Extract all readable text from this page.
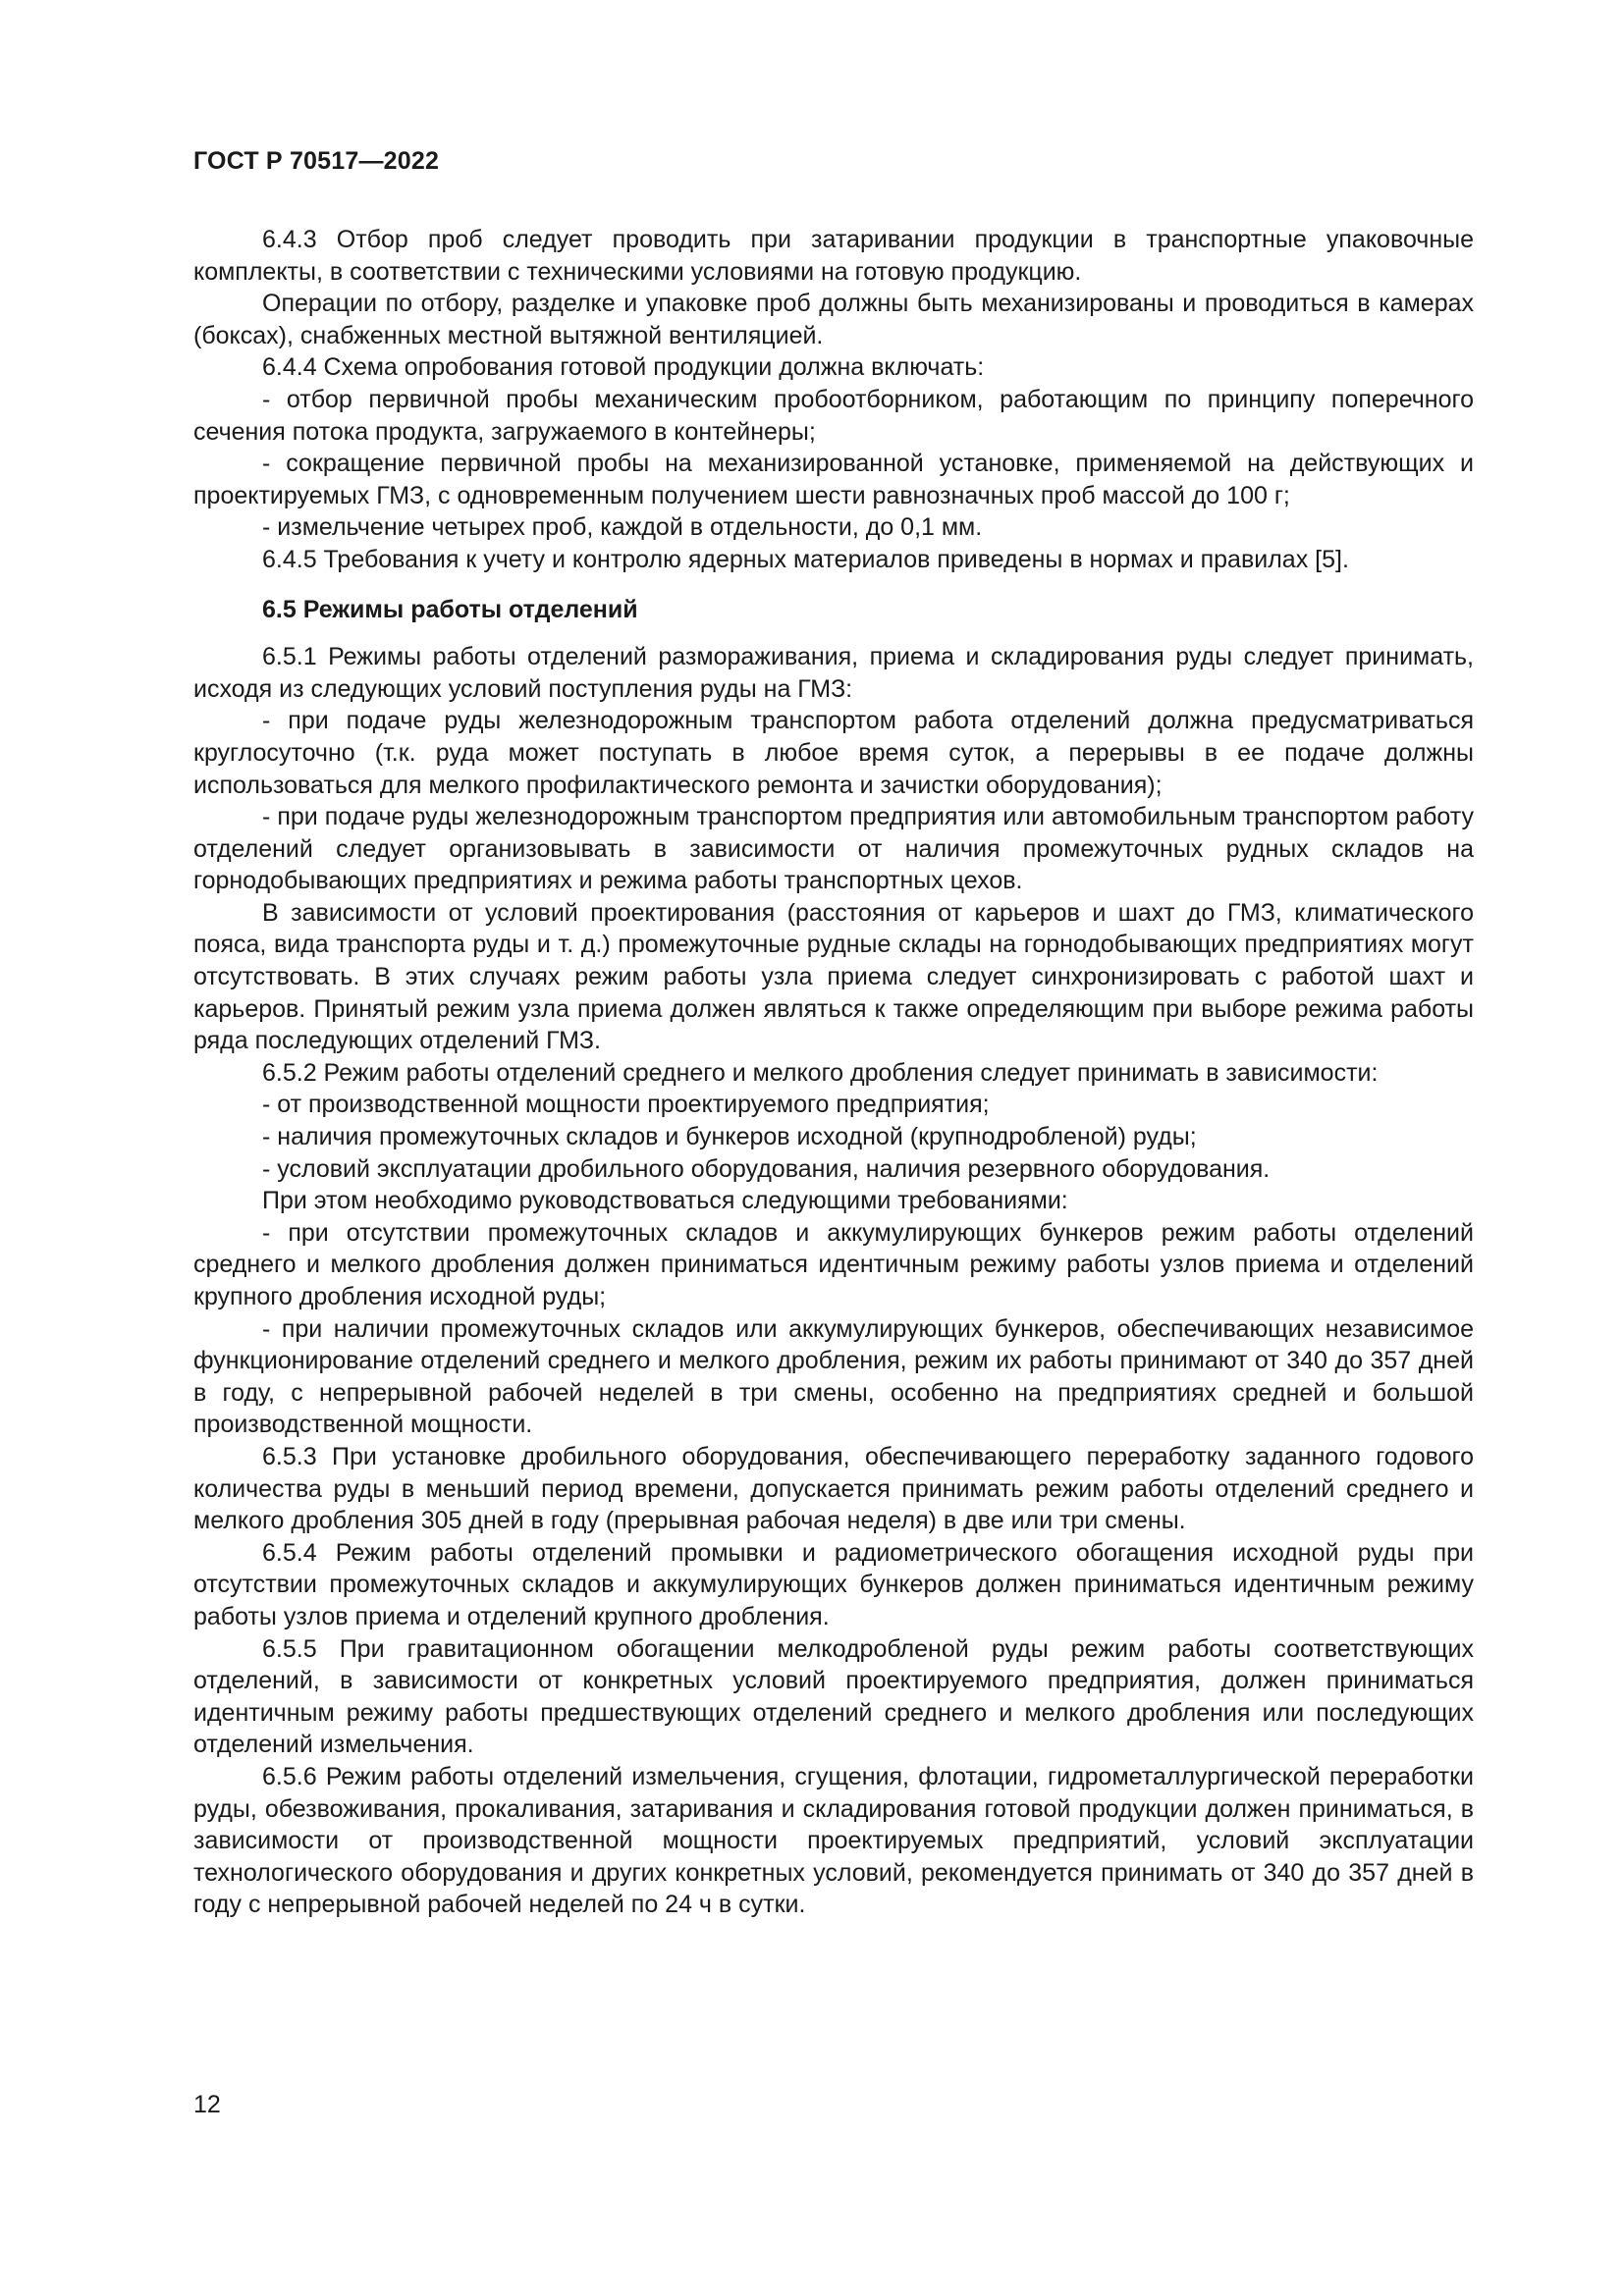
ГОСТ Р 70517—2022

6.4.3 Отбор проб следует проводить при затаривании продукции в транспортные упаковочные комплекты, в соответствии с техническими условиями на готовую продукцию.

Операции по отбору, разделке и упаковке проб должны быть механизированы и проводиться в камерах (боксах), снабженных местной вытяжной вентиляцией.

6.4.4 Схема опробования готовой продукции должна включать:

- отбор первичной пробы механическим пробоотборником, работающим по принципу поперечного сечения потока продукта, загружаемого в контейнеры;

- сокращение первичной пробы на механизированной установке, применяемой на действующих и проектируемых ГМЗ, с одновременным получением шести равнозначных проб массой до 100 г;

- измельчение четырех проб, каждой в отдельности, до 0,1 мм.

6.4.5 Требования к учету и контролю ядерных материалов приведены в нормах и правилах [5].

6.5 Режимы работы отделений

6.5.1 Режимы работы отделений размораживания, приема и складирования руды следует принимать, исходя из следующих условий поступления руды на ГМЗ:

- при подаче руды железнодорожным транспортом работа отделений должна предусматриваться круглосуточно (т.к. руда может поступать в любое время суток, а перерывы в ее подаче должны использоваться для мелкого профилактического ремонта и зачистки оборудования);

- при подаче руды железнодорожным транспортом предприятия или автомобильным транспортом работу отделений следует организовывать в зависимости от наличия промежуточных рудных складов на горнодобывающих предприятиях и режима работы транспортных цехов.

В зависимости от условий проектирования (расстояния от карьеров и шахт до ГМЗ, климатического пояса, вида транспорта руды и т. д.) промежуточные рудные склады на горнодобывающих предприятиях могут отсутствовать. В этих случаях режим работы узла приема следует синхронизировать с работой шахт и карьеров. Принятый режим узла приема должен являться к также определяющим при выборе режима работы ряда последующих отделений ГМЗ.

6.5.2 Режим работы отделений среднего и мелкого дробления следует принимать в зависимости:

- от производственной мощности проектируемого предприятия;

- наличия промежуточных складов и бункеров исходной (крупнодробленой) руды;

- условий эксплуатации дробильного оборудования, наличия резервного оборудования.

При этом необходимо руководствоваться следующими требованиями:

- при отсутствии промежуточных складов и аккумулирующих бункеров режим работы отделений среднего и мелкого дробления должен приниматься идентичным режиму работы узлов приема и отделений крупного дробления исходной руды;

- при наличии промежуточных складов или аккумулирующих бункеров, обеспечивающих независимое функционирование отделений среднего и мелкого дробления, режим их работы принимают от 340 до 357 дней в году, с непрерывной рабочей неделей в три смены, особенно на предприятиях средней и большой производственной мощности.

6.5.3 При установке дробильного оборудования, обеспечивающего переработку заданного годового количества руды в меньший период времени, допускается принимать режим работы отделений среднего и мелкого дробления 305 дней в году (прерывная рабочая неделя) в две или три смены.

6.5.4 Режим работы отделений промывки и радиометрического обогащения исходной руды при отсутствии промежуточных складов и аккумулирующих бункеров должен приниматься идентичным режиму работы узлов приема и отделений крупного дробления.

6.5.5 При гравитационном обогащении мелкодробленой руды режим работы соответствующих отделений, в зависимости от конкретных условий проектируемого предприятия, должен приниматься идентичным режиму работы предшествующих отделений среднего и мелкого дробления или последующих отделений измельчения.

6.5.6 Режим работы отделений измельчения, сгущения, флотации, гидрометаллургической переработки руды, обезвоживания, прокаливания, затаривания и складирования готовой продукции должен приниматься, в зависимости от производственной мощности проектируемых предприятий, условий эксплуатации технологического оборудования и других конкретных условий, рекомендуется принимать от 340 до 357 дней в году с непрерывной рабочей неделей по 24 ч в сутки.

12
